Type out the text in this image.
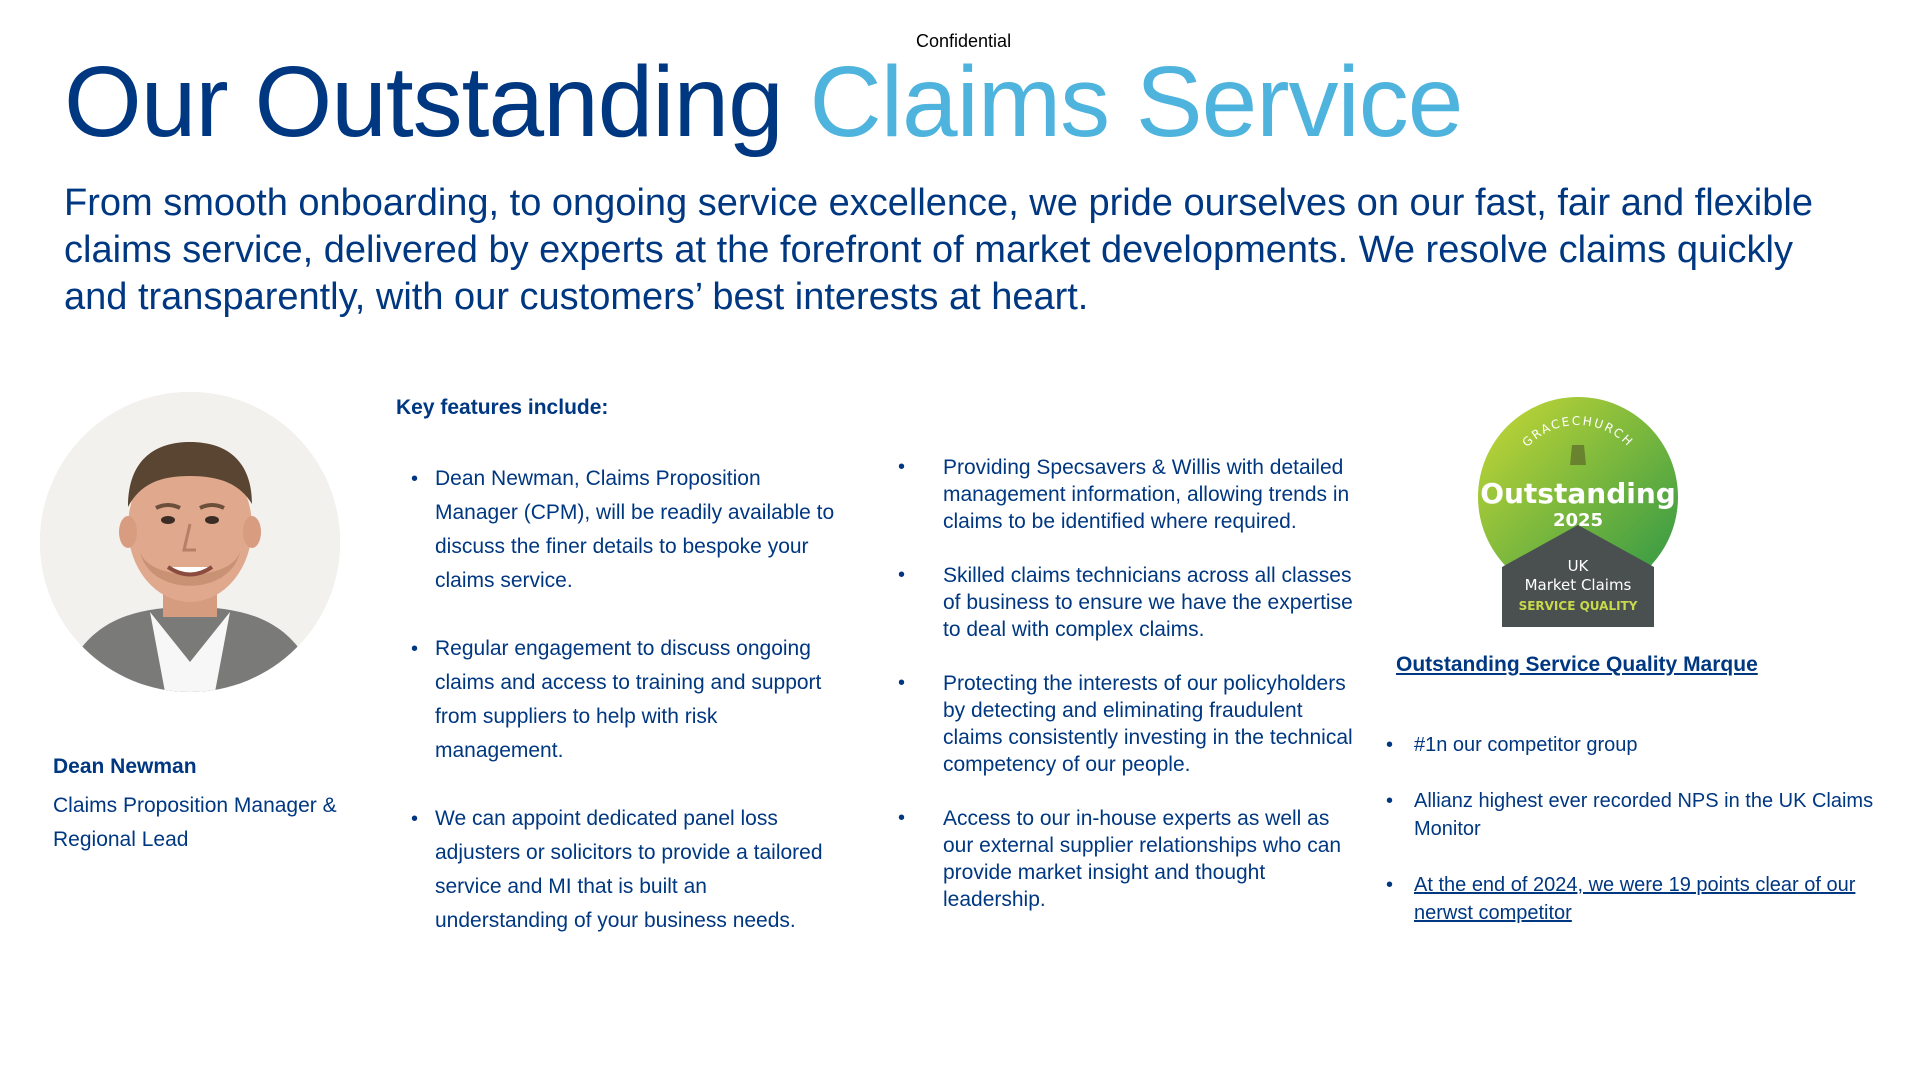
Confidential
Our Outstanding Claims Service

From smooth onboarding, to ongoing service excellence, we pride ourselves on our fast, fair and flexible claims service, delivered by experts at the forefront of market developments. We resolve claims quickly and transparently, with our customers’ best interests at heart.

Dean Newman
Claims Proposition Manager & Regional Lead
Key features include:
• Dean Newman, Claims Proposition Manager (CPM), will be readily available to discuss the finer details to bespoke your claims service.
• Regular engagement to discuss ongoing claims and access to training and support from suppliers to help with risk management.
• We can appoint dedicated panel loss adjusters or solicitors to provide a tailored service and MI that is built an understanding of your business needs.
• Providing Specsavers & Willis with detailed management information, allowing trends in claims to be identified where required.
• Skilled claims technicians across all classes of business to ensure we have the expertise to deal with complex claims.
• Protecting the interests of our policyholders by detecting and eliminating fraudulent claims consistently investing in the technical competency of our people.
• Access to our in-house experts as well as our external supplier relationships who can provide market insight and thought leadership.
GRACECHURCH
Outstanding
2025
UK
Market Claims
SERVICE QUALITY
Outstanding Service Quality Marque
• #1n our competitor group
• Allianz highest ever recorded NPS in the UK Claims Monitor
• At the end of 2024, we were 19 points clear of our nerwst competitor
